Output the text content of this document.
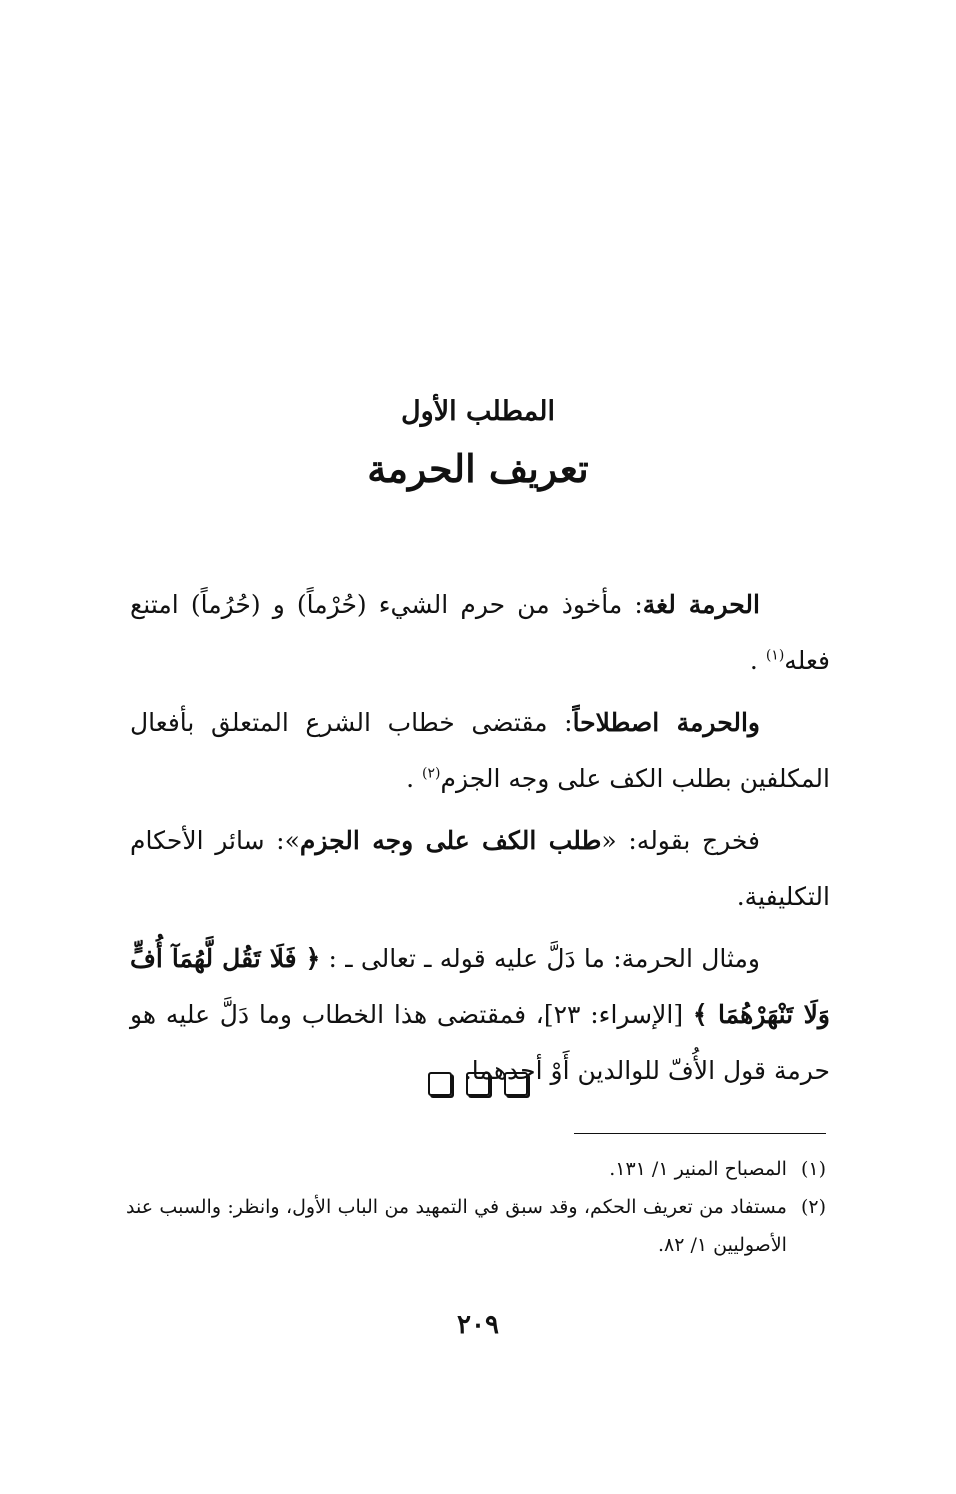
المطلب الأول
تعريف الحرمة

الحرمة لغة: مأخوذ من حرم الشيء (حُرْماً) و (حُرُماً) امتنع فعله$^{(١)}$ .

والحرمة اصطلاحاً: مقتضى خطاب الشرع المتعلق بأفعال المكلفين بطلب الكف على وجه الجزم$^{(٢)}$ .

فخرج بقوله: «طلب الكف على وجه الجزم»: سائر الأحكام التكليفية.

ومثال الحرمة: ما دَلَّ عليه قوله ـ تعالى ـ : ﴿ فَلَا تَقُل لَّهُمَآ أُفٍّ وَلَا تَنْهَرْهُمَا ﴾ [الإسراء: ٢٣]، فمقتضى هذا الخطاب وما دَلَّ عليه هو حرمة قول الأُفّ للوالدين أَوْ أحدهما.

(١)
المصباح المنير ١/ ١٣١.
(٢)
مستفاد من تعريف الحكم، وقد سبق في التمهيد من الباب الأول، وانظر: والسبب عند الأصوليين ١/ ٨٢.
٢٠٩
